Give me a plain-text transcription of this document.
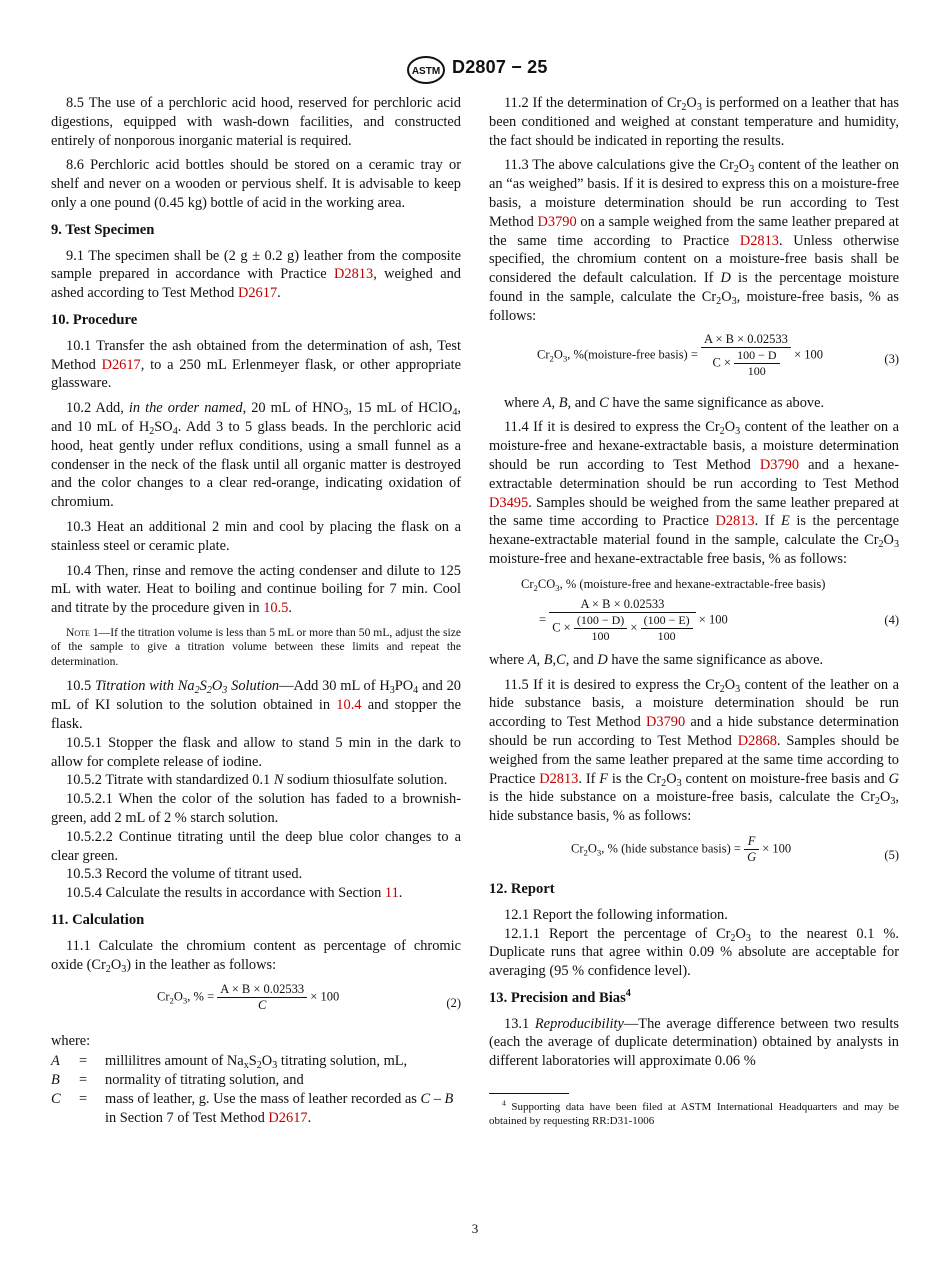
ASTM D2807 − 25

8.5 The use of a perchloric acid hood, reserved for perchloric acid digestions, equipped with wash-down facilities, and constructed entirely of nonporous inorganic material is required.

8.6 Perchloric acid bottles should be stored on a ceramic tray or shelf and never on a wooden or pervious shelf. It is advisable to keep only a one pound (0.45 kg) bottle of acid in the working area.

9. Test Specimen

9.1 The specimen shall be (2 g ± 0.2 g) leather from the composite sample prepared in accordance with Practice D2813, weighed and ashed according to Test Method D2617.

10. Procedure

10.1 Transfer the ash obtained from the determination of ash, Test Method D2617, to a 250 mL Erlenmeyer flask, or other appropriate glassware.

10.2 Add, in the order named, 20 mL of $HNO_3$, 15 mL of HClO$_4$, and 10 mL of $H_2SO_4$. Add 3 to 5 glass beads. In the perchloric acid hood, heat gently under reflux conditions, using a small funnel as a condenser in the neck of the flask until all organic matter is destroyed and the color changes to a clear red-orange, indicating oxidation of chromium.

10.3 Heat an additional 2 min and cool by placing the flask on a stainless steel or ceramic plate.

10.4 Then, rinse and remove the acting condenser and dilute to 125 mL with water. Heat to boiling and continue boiling for 7 min. Cool and titrate by the procedure given in 10.5.

Note 1—If the titration volume is less than 5 mL or more than 50 mL, adjust the size of the sample to give a titration volume between these limits and repeat the determination.

10.5 Titration with $Na_2S_2O_3$ Solution—Add 30 mL of $H_3PO_4$ and 20 mL of KI solution to the solution obtained in 10.4 and stopper the flask.

10.5.1 Stopper the flask and allow to stand 5 min in the dark to allow for complete release of iodine.

10.5.2 Titrate with standardized 0.1 N sodium thiosulfate solution.

10.5.2.1 When the color of the solution has faded to a brownish-green, add 2 mL of 2 % starch solution.

10.5.2.2 Continue titrating until the deep blue color changes to a clear green.

10.5.3 Record the volume of titrant used.

10.5.4 Calculate the results in accordance with Section 11.

11. Calculation

11.1 Calculate the chromium content as percentage of chromic oxide $(Cr_2O_3)$ in the leather as follows:

$Cr_2O_3$, % = $\frac{A \times B \times 0.02533}{C} \times 100$	(2)

where:

A = millilitres amount of $Na_xS_2O_3$ titrating solution, mL,
B = normality of titrating solution, and
C = mass of leather, g. Use the mass of leather recorded as C – B in Section 7 of Test Method D2617.

11.2 If the determination of $Cr_2O_3$ is performed on a leather that has been conditioned and weighed at constant temperature and humidity, the fact should be indicated in reporting the results.

11.3 The above calculations give the $Cr_2O_3$ content of the leather on an “as weighed” basis. If it is desired to express this on a moisture-free basis, a moisture determination should be run according to Test Method D3790 on a sample weighed from the same leather prepared at the same time according to Practice D2813. Unless otherwise specified, the chromium content on a moisture-free basis shall be considered the default calculation. If D is the percentage moisture found in the sample, calculate the $Cr_2O_3$, moisture-free basis, % as follows:

$Cr_2O_3$, %(moisture-free basis) = $\frac{A \times B \times 0.02533}{C \times \frac{100 - D}{100}} \times 100$	(3)

where A, B, and C have the same significance as above.

11.4 If it is desired to express the $Cr_2O_3$ content of the leather on a moisture-free and hexane-extractable basis, a moisture determination should be run according to Test Method D3790 and a hexane-extractable determination should be run according to Test Method D3495. Samples should be weighed from the same leather prepared at the same time according to Practice D2813. If E is the percentage hexane-extractable material found in the sample, calculate the $Cr_2O_3$ moisture-free and hexane-extractable free basis, % as follows:

$Cr_2CO_3$, % (moisture-free and hexane-extractable-free basis)
= $\frac{A \times B \times 0.02533}{C \times \frac{(100 - D)}{100} \times \frac{(100 - E)}{100}} \times 100$	(4)

where A, B,C, and D have the same significance as above.

11.5 If it is desired to express the $Cr_2O_3$ content of the leather on a hide substance basis, a moisture determination should be run according to Test Method D3790 and a hide substance determination should be run according to Test Method D2868. Samples should be weighed from the same leather prepared at the same time according to Practice D2813. If F is the $Cr_2O_3$ content on moisture-free basis and G is the hide substance on a moisture-free basis, calculate the $Cr_2O_3$, hide substance basis, % as follows:

$Cr_2O_3$, % (hide substance basis) = $\frac{F}{G} \times 100$	(5)
12. Report

12.1 Report the following information.

12.1.1 Report the percentage of $Cr_2O_3$ to the nearest 0.1 %. Duplicate runs that agree within 0.09 % absolute are acceptable for averaging (95 % confidence level).

13. Precision and Bias$^4$

13.1 Reproducibility—The average difference between two results (each the average of duplicate determination) obtained by analysts in different laboratories will approximate 0.06 %

$^4$ Supporting data have been filed at ASTM International Headquarters and may be obtained by requesting RR:D31-1006
3
